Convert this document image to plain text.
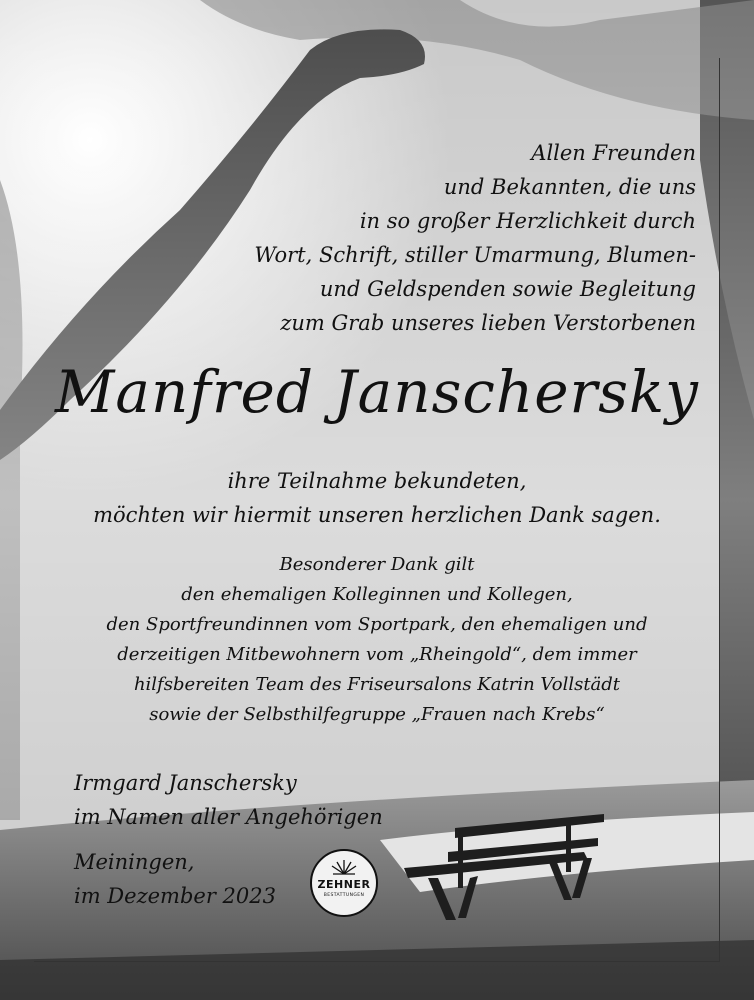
Allen Freunden
und Bekannten, die uns
in so großer Herzlichkeit durch
Wort, Schrift, stiller Umarmung, Blumen-
und Geldspenden sowie Begleitung
zum Grab unseres lieben Verstorbenen
Manfred Janschersky
ihre Teilnahme bekundeten,
möchten wir hiermit unseren herzlichen Dank sagen.
Besonderer Dank gilt
den ehemaligen Kolleginnen und Kollegen,
den Sportfreundinnen vom Sportpark, den ehemaligen und
derzeitigen Mitbewohnern vom „Rheingold“, dem immer
hilfsbereiten Team des Friseursalons Katrin Vollstädt
sowie der Selbsthilfegruppe „Frauen nach Krebs“
Irmgard Janschersky
im Namen aller Angehörigen
Meiningen,
im Dezember 2023	ZEHNER
BESTATTUNGEN
